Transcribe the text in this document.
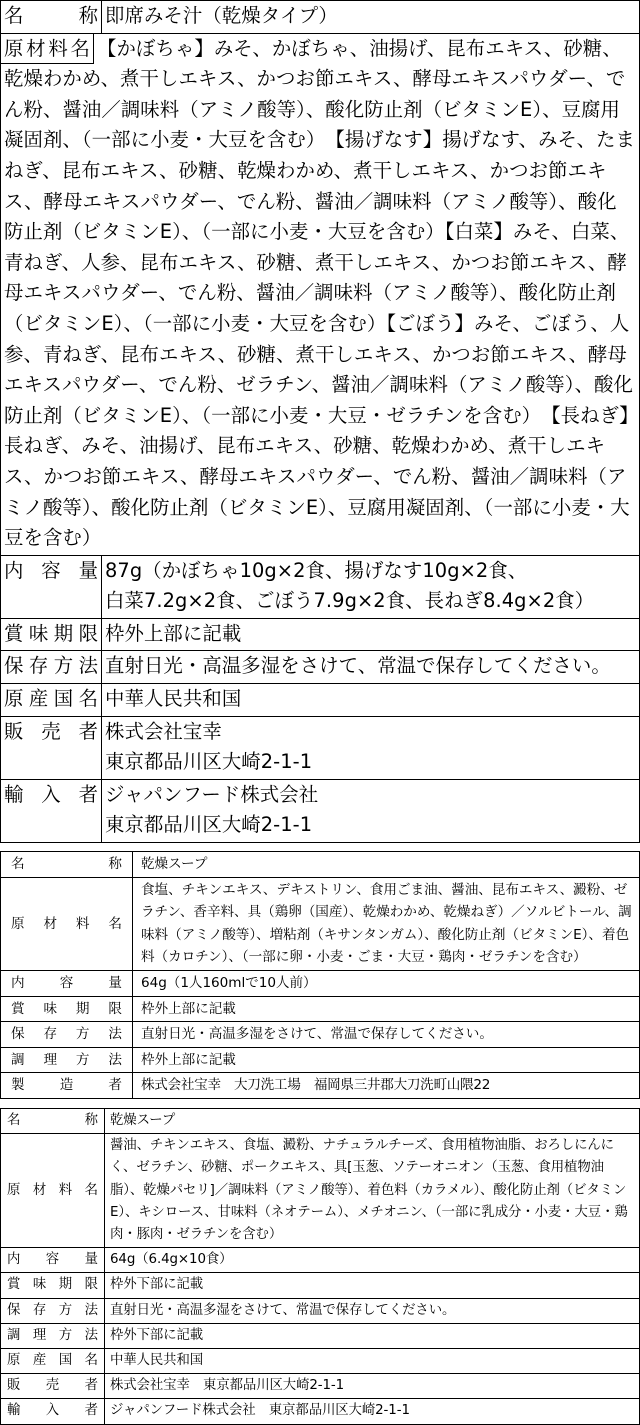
名　称	即席みそ汁（乾燥タイプ）
原材料名 【かぼちゃ】みそ、かぼちゃ、油揚げ、昆布エキス、砂糖、乾燥わかめ、煮干しエキス、かつお節エキス、酵母エキスパウダー、でん粉、醤油／調味料（アミノ酸等）、酸化防止剤（ビタミンE）、豆腐用凝固剤、（一部に小麦・大豆を含む）　【揚げなす】揚げなす、みそ、たまねぎ、昆布エキス、砂糖、乾燥わかめ、煮干しエキス、かつお節エキス、酵母エキスパウダー、でん粉、醤油／調味料（アミノ酸等）、酸化防止剤（ビタミンE）、（一部に小麦・大豆を含む）【白菜】みそ、白菜、青ねぎ、人参、昆布エキス、砂糖、煮干しエキス、かつお節エキス、酵母エキスパウダー、でん粉、醤油／調味料（アミノ酸等）、酸化防止剤（ビタミンE）、（一部に小麦・大豆を含む）【ごぼう】みそ、ごぼう、人参、青ねぎ、昆布エキス、砂糖、煮干しエキス、かつお節エキス、酵母エキスパウダー、でん粉、ゼラチン、醤油／調味料（アミノ酸等）、酸化防止剤（ビタミンE）、（一部に小麦・大豆・ゼラチンを含む）　【長ねぎ】長ねぎ、みそ、油揚げ、昆布エキス、砂糖、乾燥わかめ、煮干しエキス、かつお節エキス、酵母エキスパウダー、でん粉、醤油／調味料（アミノ酸等）、酸化防止剤（ビタミンE）、豆腐用凝固剤、（一部に小麦・大豆を含む）	
内 容 量	87g（かぼちゃ10g×2食、揚げなす10g×2食、
白菜7.2g×2食、ごぼう7.9g×2食、長ねぎ8.4g×2食）
賞味期限	枠外上部に記載
保存方法	直射日光・高温多湿をさけて、常温で保存してください。
原産国名	中華人民共和国
販 売 者	株式会社宝幸
東京都品川区大崎2-1-1
輸 入 者	ジャパンフード株式会社
東京都品川区大崎2-1-1
名　　称	乾燥スープ
原 材 料 名	食塩、チキンエキス、デキストリン、食用ごま油、醤油、昆布エキス、澱粉、ゼラチン、香辛料、具（鶏卵（国産）、乾燥わかめ、乾燥ねぎ）／ソルビトール、調味料（アミノ酸等）、増粘剤（キサンタンガム）、酸化防止剤（ビタミンE）、着色料（カロチン）、（一部に卵・小麦・ごま・大豆・鶏肉・ゼラチンを含む）
内 容 量	64g（1人160mlで10人前）
賞 味 期 限	枠外上部に記載
保 存 方 法	直射日光・高温多湿をさけて、常温で保存してください。
調 理 方 法	枠外上部に記載
製 造 者	株式会社宝幸　大刀洗工場　福岡県三井郡大刀洗町山隈22
名　　称	乾燥スープ
原材料名	醤油、チキンエキス、食塩、澱粉、ナチュラルチーズ、食用植物油脂、おろしにんにく、ゼラチン、砂糖、ポークエキス、具[玉葱、ソテーオニオン（玉葱、食用植物油脂）、乾燥パセリ]／調味料（アミノ酸等）、着色料（カラメル）、酸化防止剤（ビタミンE）、キシロース、甘味料（ネオテーム）、メチオニン、（一部に乳成分・小麦・大豆・鶏肉・豚肉・ゼラチンを含む）
内 容 量	64g（6.4g×10食）
賞味期限	枠外下部に記載
保存方法	直射日光・高温多湿をさけて、常温で保存してください。
調理方法	枠外下部に記載
原産国名	中華人民共和国
販 売 者	株式会社宝幸　東京都品川区大崎2-1-1
輸 入 者	ジャパンフード株式会社　東京都品川区大崎2-1-1
